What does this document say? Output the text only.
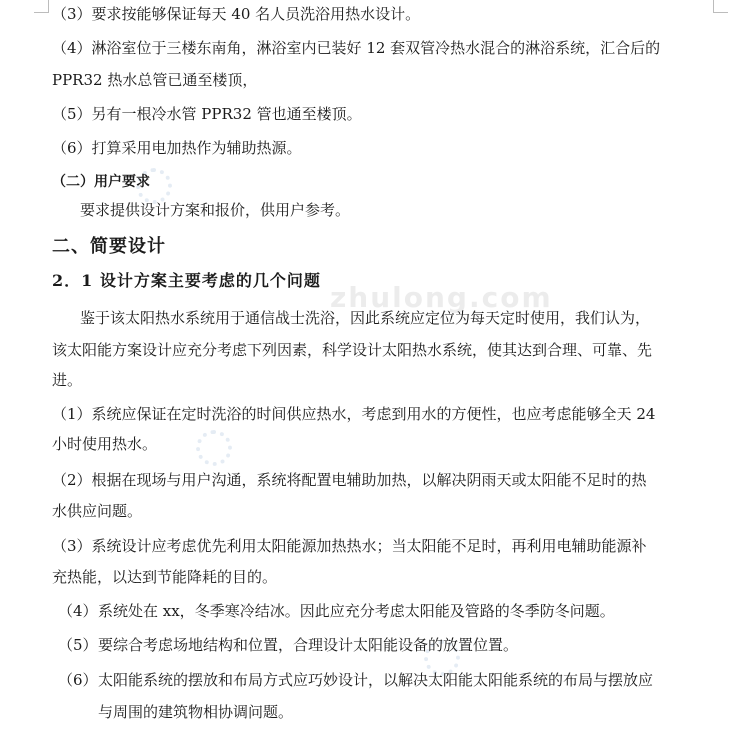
zhulong.com
（3）要求按能够保证每天 40 名人员洗浴用热水设计。
（4）淋浴室位于三楼东南角，淋浴室内已装好 12 套双管冷热水混合的淋浴系统，汇合后的
PPR32 热水总管已通至楼顶，
（5）另有一根冷水管 PPR32 管也通至楼顶。
（6）打算采用电加热作为辅助热源。
（二）用户要求
要求提供设计方案和报价，供用户参考。
二、简要设计
2．1 设计方案主要考虑的几个问题
鉴于该太阳热水系统用于通信战士洗浴，因此系统应定位为每天定时使用，我们认为，
该太阳能方案设计应充分考虑下列因素，科学设计太阳热水系统，使其达到合理、可靠、先
进。
（1）系统应保证在定时洗浴的时间供应热水，考虑到用水的方便性，也应考虑能够全天 24
小时使用热水。
（2）根据在现场与用户沟通，系统将配置电辅助加热，以解决阴雨天或太阳能不足时的热
水供应问题。
（3）系统设计应考虑优先利用太阳能源加热热水；当太阳能不足时，再利用电辅助能源补
充热能，以达到节能降耗的目的。
（4） 系统处在 xx，冬季寒冷结冰。因此应充分考虑太阳能及管路的冬季防冬问题。
（5） 要综合考虑场地结构和位置，合理设计太阳能设备的放置位置。
（6） 太阳能系统的摆放和布局方式应巧妙设计，以解决太阳能太阳能系统的布局与摆放应
与周围的建筑物相协调问题。
